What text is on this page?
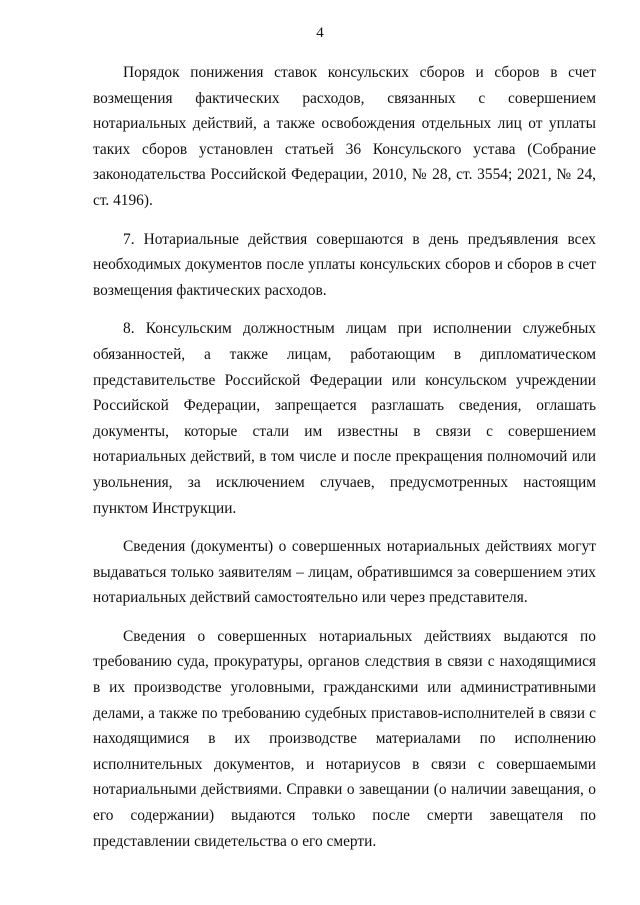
4

Порядок понижения ставок консульских сборов и сборов в счет возмещения фактических расходов, связанных с совершением нотариальных действий, а также освобождения отдельных лиц от уплаты таких сборов установлен статьей 36 Консульского устава (Собрание законодательства Российской Федерации, 2010, № 28, ст. 3554; 2021, № 24, ст. 4196).

7. Нотариальные действия совершаются в день предъявления всех необходимых документов после уплаты консульских сборов и сборов в счет возмещения фактических расходов.

8. Консульским должностным лицам при исполнении служебных обязанностей, а также лицам, работающим в дипломатическом представительстве Российской Федерации или консульском учреждении Российской Федерации, запрещается разглашать сведения, оглашать документы, которые стали им известны в связи с совершением нотариальных действий, в том числе и после прекращения полномочий или увольнения, за исключением случаев, предусмотренных настоящим пунктом Инструкции.

Сведения (документы) о совершенных нотариальных действиях могут выдаваться только заявителям – лицам, обратившимся за совершением этих нотариальных действий самостоятельно или через представителя.

Сведения о совершенных нотариальных действиях выдаются по требованию суда, прокуратуры, органов следствия в связи с находящимися в их производстве уголовными, гражданскими или административными делами, а также по требованию судебных приставов-исполнителей в связи с находящимися в их производстве материалами по исполнению исполнительных документов, и нотариусов в связи с совершаемыми нотариальными действиями. Справки о завещании (о наличии завещания, о его содержании) выдаются только после смерти завещателя по представлении свидетельства о его смерти.
